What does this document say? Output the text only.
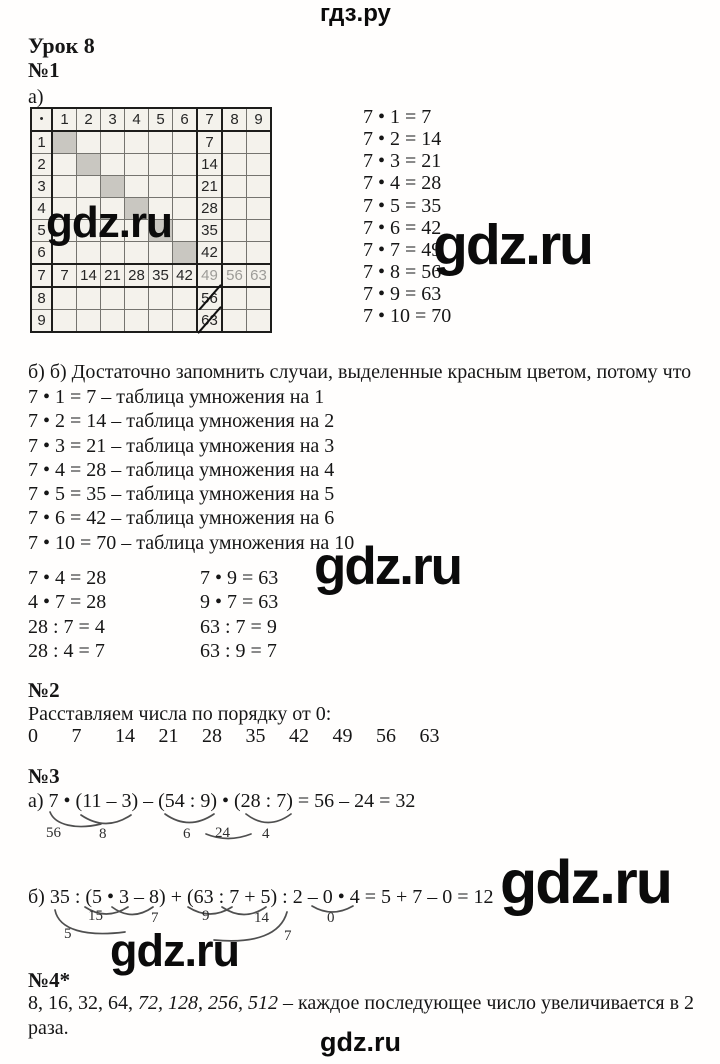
гдз.ру
Урок 8
№1
а)
•	1	2	3	4	5	6	7	8	9
1							7		
2							14		
3							21		
4							28		
5							35		
6							42		
7	7	14	21	28	35	42	49	56	63
8							56		
9							63		
7 • 1 = 7
7 • 2 = 14
7 • 3 = 21
7 • 4 = 28
7 • 5 = 35
7 • 6 = 42
7 • 7 = 49
7 • 8 = 56
7 • 9 = 63
7 • 10 = 70
gdz.ru	gdz.ru
gdz.ru
б) б) Достаточно запомнить случаи, выделенные красным цветом, потому что
7 • 1 = 7 – таблица умножения на 1
7 • 2 = 14 – таблица умножения на 2
7 • 3 = 21 – таблица умножения на 3
7 • 4 = 28 – таблица умножения на 4
7 • 5 = 35 – таблица умножения на 5
7 • 6 = 42 – таблица умножения на 6
7 • 10 = 70 – таблица умножения на 10
7 • 4 = 28
4 • 7 = 28
28 : 7 = 4
28 : 4 = 7
7 • 9 = 63
9 • 7 = 63
63 : 7 = 9
63 : 9 = 7
№2
Расставляем числа по порядку от 0:
0 7 14 21 28 35 42 49 56 63
№3
а) 7 • (11 – 3) – (54 : 9) • (28 : 7) = 56 – 24 = 32
56	8	6 24 4
б) 35 : (5 • 3 – 8) + (63 : 7 + 5) : 2 – 0 • 4 = 5 + 7 – 0 = 12
15	7	9	14	0
5	7
gdz.ru
gdz.ru
№4*
8, 16, 32, 64, 72, 128, 256, 512 – каждое последующее число увеличивается в 2
раза.	gdz.ru
